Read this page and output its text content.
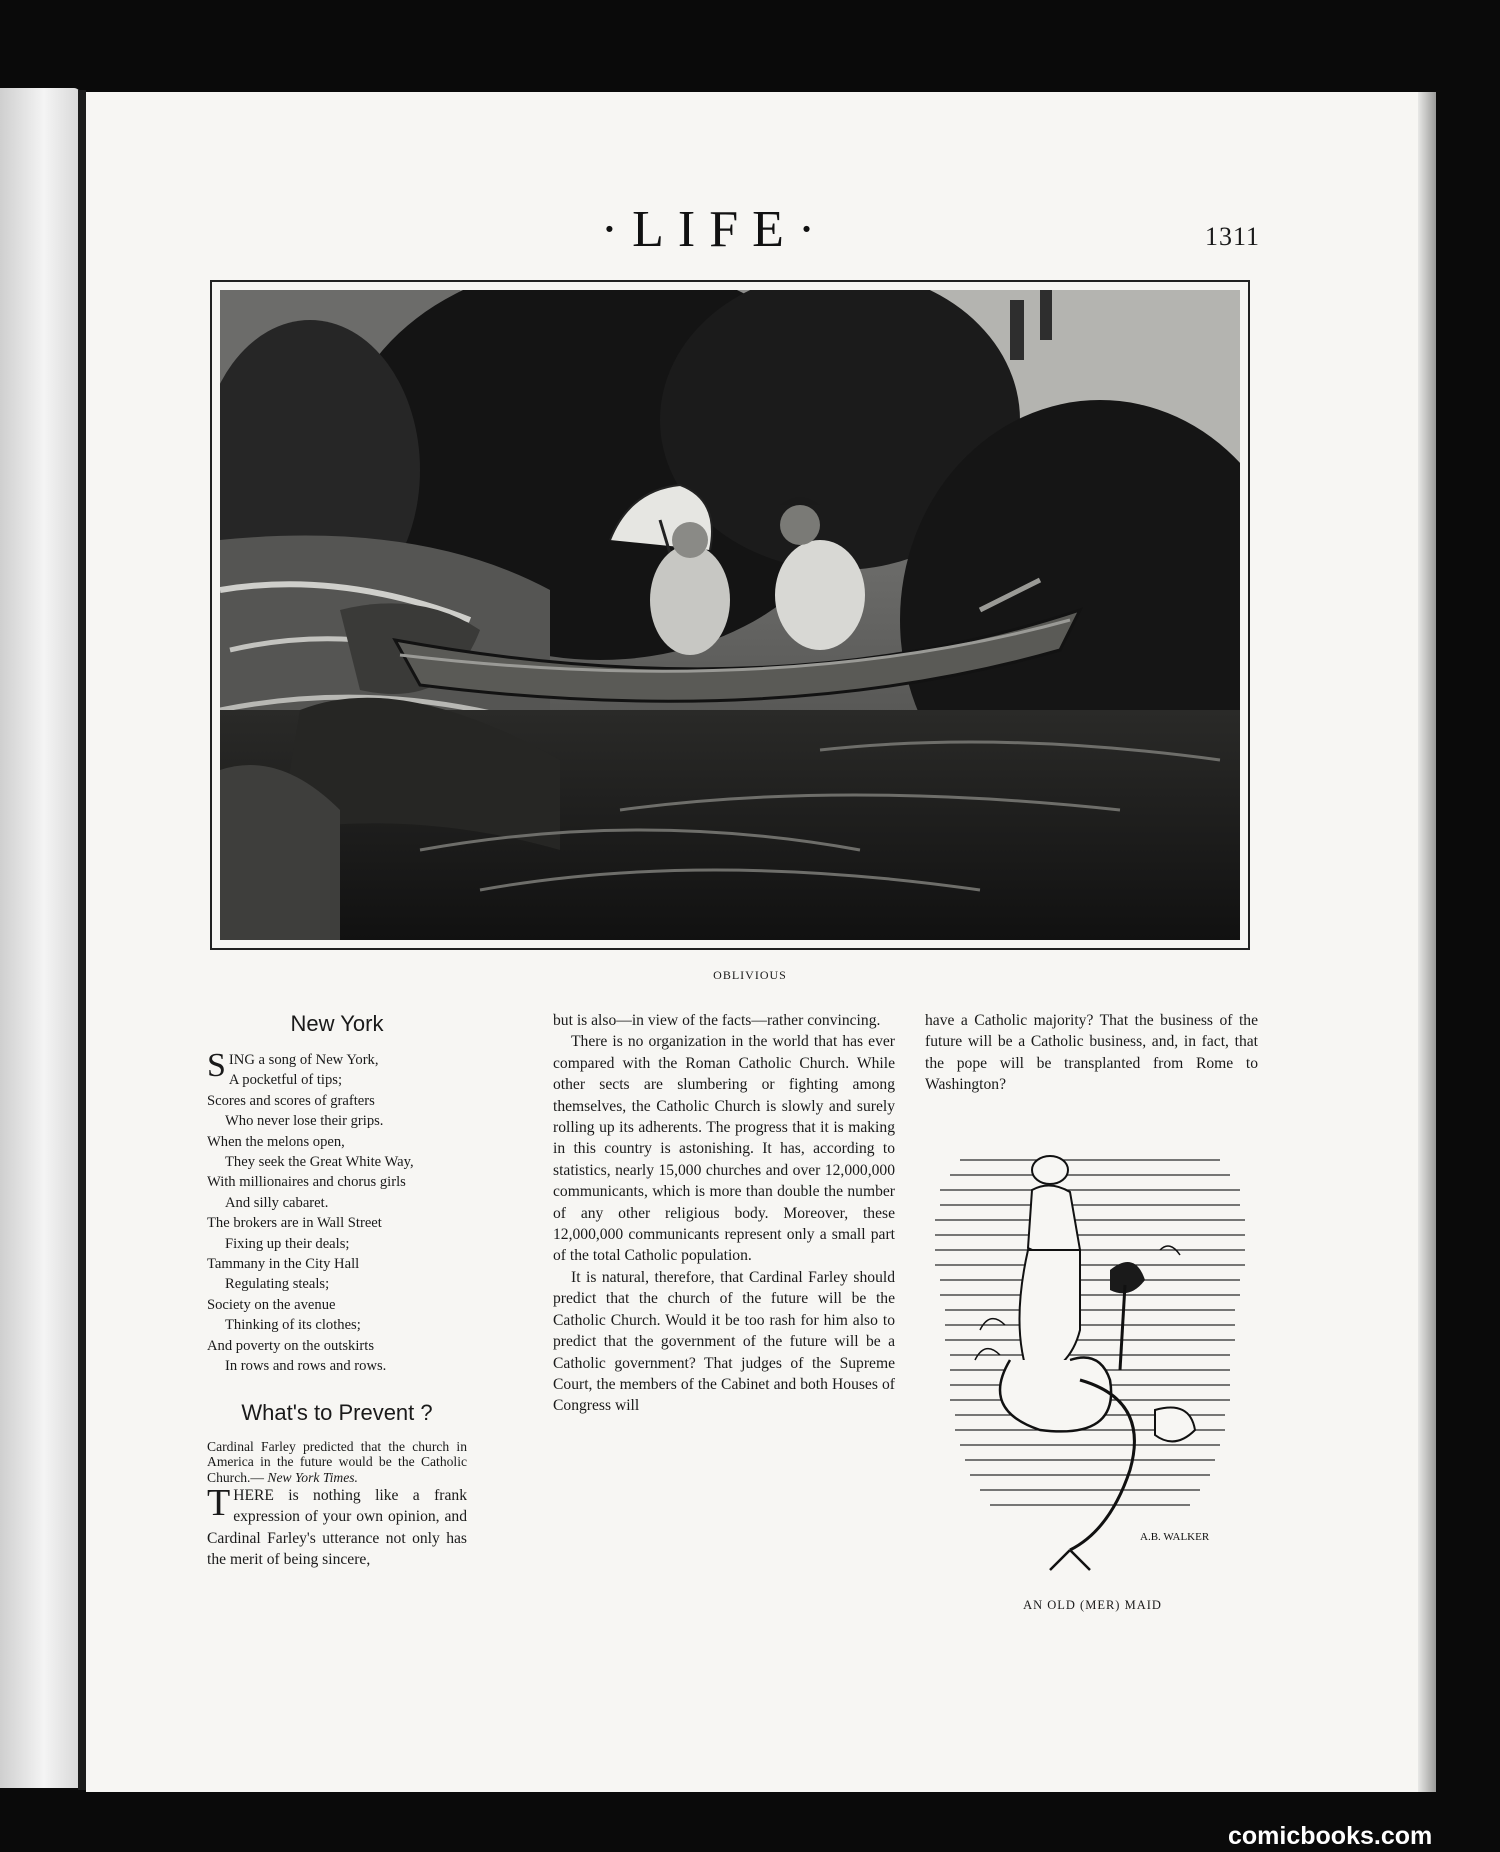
·LIFE·	1311
OBLIVIOUS
New York
SING a song of New York,
A pocketful of tips;
Scores and scores of grafters
Who never lose their grips.
When the melons open,
They seek the Great White Way,
With millionaires and chorus girls
And silly cabaret.
The brokers are in Wall Street
Fixing up their deals;
Tammany in the City Hall
Regulating steals;
Society on the avenue
Thinking of its clothes;
And poverty on the outskirts
In rows and rows and rows.
What's to Prevent ?

Cardinal Farley predicted that the church in America in the future would be the Catholic Church.— New York Times.

THERE is nothing like a frank expression of your own opinion, and Cardinal Farley's utterance not only has the merit of being sincere,

but is also—in view of the facts—rather convincing.

There is no organization in the world that has ever compared with the Roman Catholic Church. While other sects are slumbering or fighting among themselves, the Catholic Church is slowly and surely rolling up its adherents. The progress that it is making in this country is astonishing. It has, according to statistics, nearly 15,000 churches and over 12,000,000 communicants, which is more than double the number of any other religious body. Moreover, these 12,000,000 communicants represent only a small part of the total Catholic population.

It is natural, therefore, that Cardinal Farley should predict that the church of the future will be the Catholic Church. Would it be too rash for him also to predict that the government of the future will be a Catholic government? That judges of the Supreme Court, the members of the Cabinet and both Houses of Congress will

have a Catholic majority? That the business of the future will be a Catholic business, and, in fact, that the pope will be transplanted from Rome to Washington?

A.B. WALKER
AN OLD (MER) MAID
comicbooks.com
